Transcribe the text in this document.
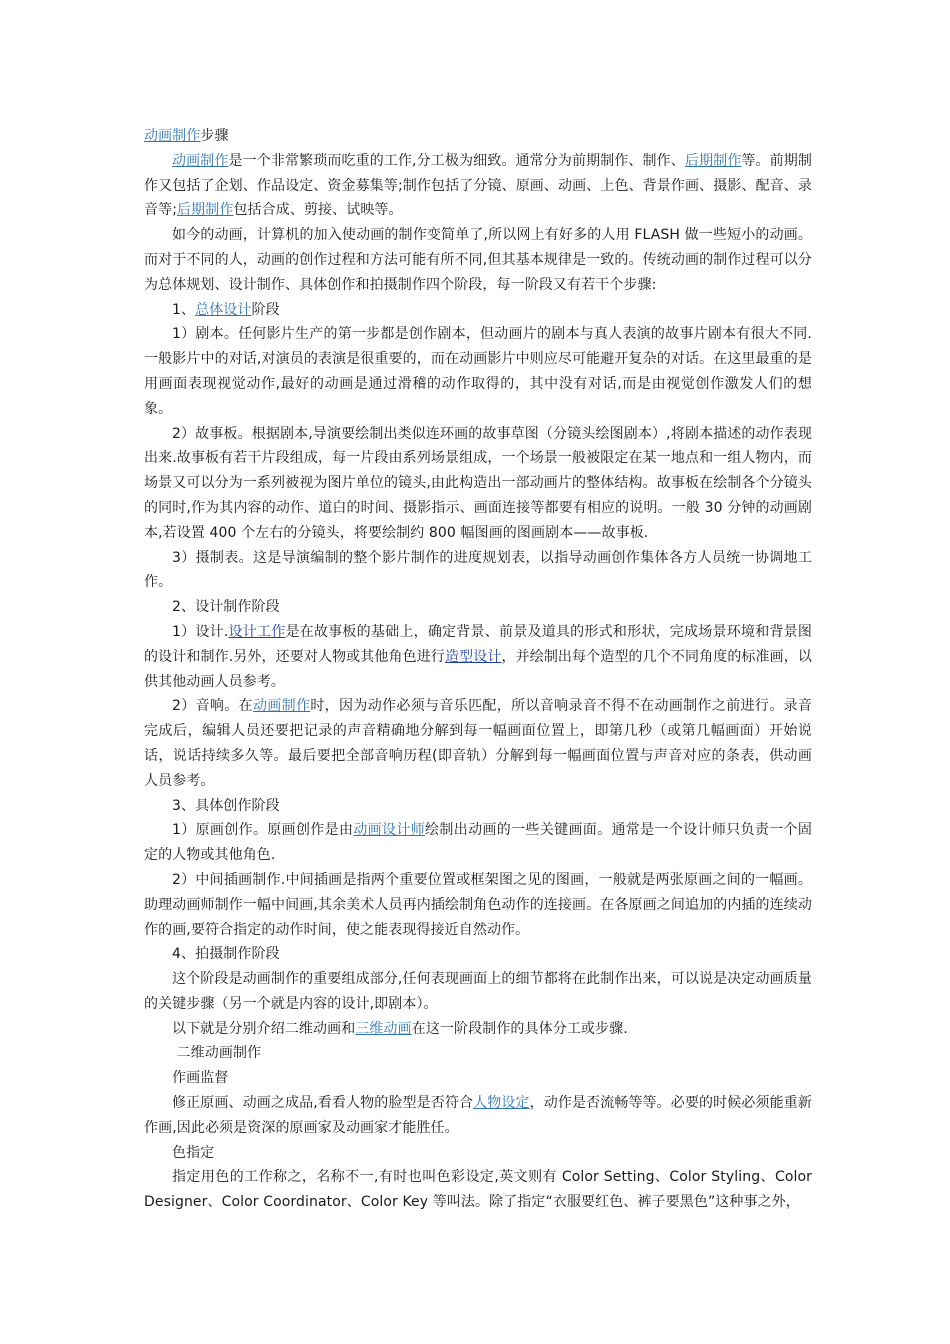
动画制作步骤

动画制作是一个非常繁琐而吃重的工作,分工极为细致。通常分为前期制作、制作、后期制作等。前期制作又包括了企划、作品设定、资金募集等;制作包括了分镜、原画、动画、上色、背景作画、摄影、配音、录音等;后期制作包括合成、剪接、试映等。

如今的动画，计算机的加入使动画的制作变简单了,所以网上有好多的人用 FLASH 做一些短小的动画。而对于不同的人，动画的创作过程和方法可能有所不同,但其基本规律是一致的。传统动画的制作过程可以分为总体规划、设计制作、具体创作和拍摄制作四个阶段，每一阶段又有若干个步骤:

1、总体设计阶段

1）剧本。任何影片生产的第一步都是创作剧本，但动画片的剧本与真人表演的故事片剧本有很大不同.一般影片中的对话,对演员的表演是很重要的，而在动画影片中则应尽可能避开复杂的对话。在这里最重的是用画面表现视觉动作,最好的动画是通过滑稽的动作取得的，其中没有对话,而是由视觉创作激发人们的想象。

2）故事板。根据剧本,导演要绘制出类似连环画的故事草图（分镜头绘图剧本）,将剧本描述的动作表现出来.故事板有若干片段组成，每一片段由系列场景组成，一个场景一般被限定在某一地点和一组人物内，而场景又可以分为一系列被视为图片单位的镜头,由此构造出一部动画片的整体结构。故事板在绘制各个分镜头的同时,作为其内容的动作、道白的时间、摄影指示、画面连接等都要有相应的说明。一般 30 分钟的动画剧本,若设置 400 个左右的分镜头，将要绘制约 800 幅图画的图画剧本——故事板.

3）摄制表。这是导演编制的整个影片制作的进度规划表，以指导动画创作集体各方人员统一协调地工作。

2、设计制作阶段

1）设计.设计工作是在故事板的基础上，确定背景、前景及道具的形式和形状，完成场景环境和背景图的设计和制作.另外，还要对人物或其他角色进行造型设计，并绘制出每个造型的几个不同角度的标准画，以供其他动画人员参考。

2）音响。在动画制作时，因为动作必须与音乐匹配，所以音响录音不得不在动画制作之前进行。录音完成后，编辑人员还要把记录的声音精确地分解到每一幅画面位置上，即第几秒（或第几幅画面）开始说话，说话持续多久等。最后要把全部音响历程(即音轨）分解到每一幅画面位置与声音对应的条表，供动画人员参考。

3、具体创作阶段

1）原画创作。原画创作是由动画设计师绘制出动画的一些关键画面。通常是一个设计师只负责一个固定的人物或其他角色.

2）中间插画制作.中间插画是指两个重要位置或框架图之见的图画，一般就是两张原画之间的一幅画。助理动画师制作一幅中间画,其余美术人员再内插绘制角色动作的连接画。在各原画之间追加的内插的连续动作的画,要符合指定的动作时间，使之能表现得接近自然动作。

4、拍摄制作阶段

这个阶段是动画制作的重要组成部分,任何表现画面上的细节都将在此制作出来，可以说是决定动画质量的关键步骤（另一个就是内容的设计,即剧本）。

以下就是分别介绍二维动画和三维动画在这一阶段制作的具体分工或步骤.

二维动画制作

作画监督

修正原画、动画之成品,看看人物的脸型是否符合人物设定，动作是否流畅等等。必要的时候必须能重新作画,因此必须是资深的原画家及动画家才能胜任。

色指定

指定用色的工作称之，名称不一,有时也叫色彩设定,英文则有 Color Setting、Color Styling、Color Designer、Color Coordinator、Color Key 等叫法。除了指定“衣服要红色、裤子要黑色”这种事之外，
